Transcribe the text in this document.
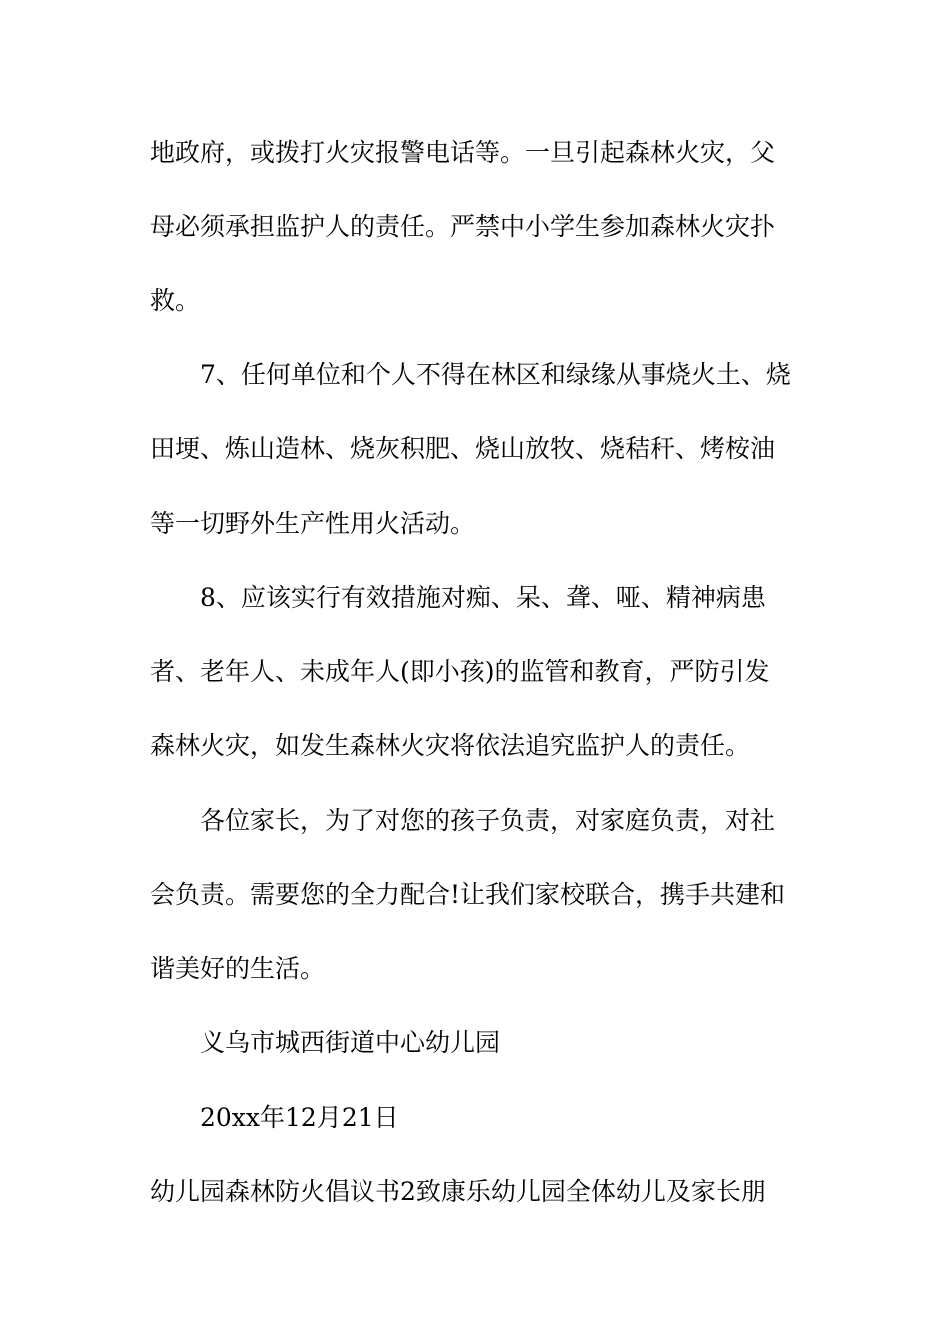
地政府，或拨打火灾报警电话等。一旦引起森林火灾，父
母必须承担监护人的责任。严禁中小学生参加森林火灾扑
救。
7、任何单位和个人不得在林区和绿缘从事烧火土、烧
田埂、炼山造林、烧灰积肥、烧山放牧、烧秸秆、烤桉油
等一切野外生产性用火活动。
8、应该实行有效措施对痴、呆、聋、哑、精神病患
者、老年人、未成年人(即小孩)的监管和教育，严防引发
森林火灾，如发生森林火灾将依法追究监护人的责任。
各位家长，为了对您的孩子负责，对家庭负责，对社
会负责。需要您的全力配合!让我们家校联合，携手共建和
谐美好的生活。
义乌市城西街道中心幼儿园
20xx年12月21日
幼儿园森林防火倡议书2致康乐幼儿园全体幼儿及家长朋
